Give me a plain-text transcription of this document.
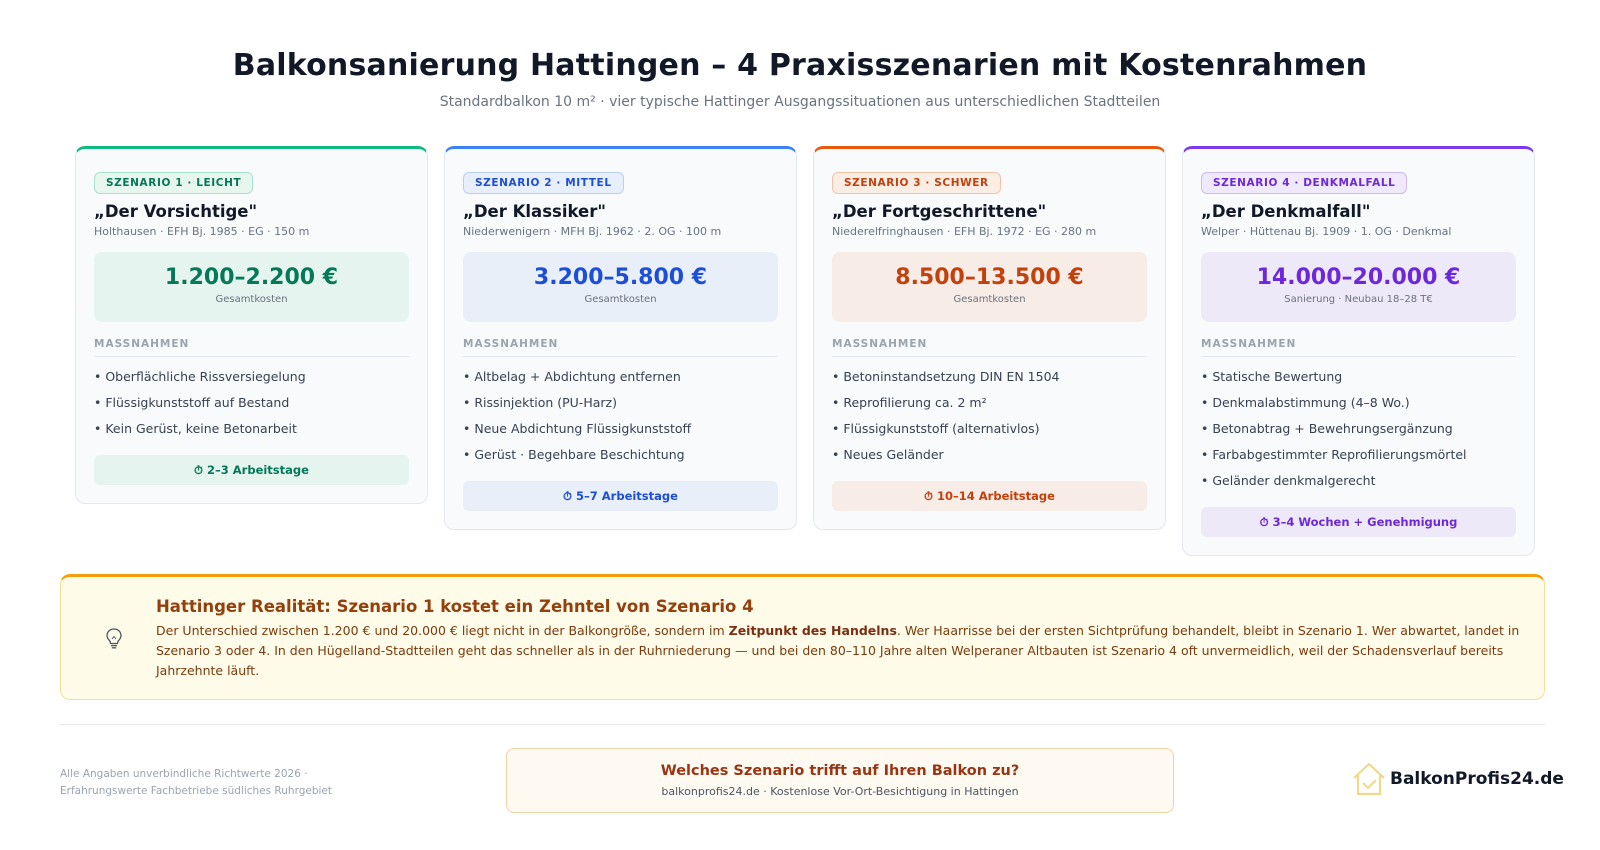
Balkonsanierung Hattingen – 4 Praxisszenarien mit Kostenrahmen
Standardbalkon 10 m² · vier typische Hattinger Ausgangssituationen aus unterschiedlichen Stadtteilen
SZENARIO 1 · LEICHT
„Der Vorsichtige"
Holthausen · EFH Bj. 1985 · EG · 150 m
1.200–2.200 €
Gesamtkosten
MASSNAHMEN
• Oberflächliche Rissversiegelung
• Flüssigkunststoff auf Bestand
• Kein Gerüst, keine Betonarbeit
⏱ 2–3 Arbeitstage
SZENARIO 2 · MITTEL
„Der Klassiker"
Niederwenigern · MFH Bj. 1962 · 2. OG · 100 m
3.200–5.800 €
Gesamtkosten
MASSNAHMEN
• Altbelag + Abdichtung entfernen
• Rissinjektion (PU-Harz)
• Neue Abdichtung Flüssigkunststoff
• Gerüst · Begehbare Beschichtung
⏱ 5–7 Arbeitstage
SZENARIO 3 · SCHWER
„Der Fortgeschrittene"
Niederelfringhausen · EFH Bj. 1972 · EG · 280 m
8.500–13.500 €
Gesamtkosten
MASSNAHMEN
• Betoninstandsetzung DIN EN 1504
• Reprofilierung ca. 2 m²
• Flüssigkunststoff (alternativlos)
• Neues Geländer
⏱ 10–14 Arbeitstage
SZENARIO 4 · DENKMALFALL
„Der Denkmalfall"
Welper · Hüttenau Bj. 1909 · 1. OG · Denkmal
14.000–20.000 €
Sanierung · Neubau 18–28 T€
MASSNAHMEN
• Statische Bewertung
• Denkmalabstimmung (4–8 Wo.)
• Betonabtrag + Bewehrungsergänzung
• Farbabgestimmter Reprofilierungsmörtel
• Geländer denkmalgerecht
⏱ 3–4 Wochen + Genehmigung
Hattinger Realität: Szenario 1 kostet ein Zehntel von Szenario 4

Der Unterschied zwischen 1.200 € und 20.000 € liegt nicht in der Balkongröße, sondern im Zeitpunkt des Handelns. Wer Haarrisse bei der ersten Sichtprüfung behandelt, bleibt in Szenario 1. Wer abwartet, landet in Szenario 3 oder 4. In den Hügelland-Stadtteilen geht das schneller als in der Ruhrniederung — und bei den 80–110 Jahre alten Welperaner Altbauten ist Szenario 4 oft unvermeidlich, weil der Schadensverlauf bereits Jahrzehnte läuft.

Alle Angaben unverbindliche Richtwerte 2026 ·
Erfahrungswerte Fachbetriebe südliches Ruhrgebiet
Welches Szenario trifft auf Ihren Balkon zu?
balkonprofis24.de · Kostenlose Vor-Ort-Besichtigung in Hattingen
BalkonProfis24.de
